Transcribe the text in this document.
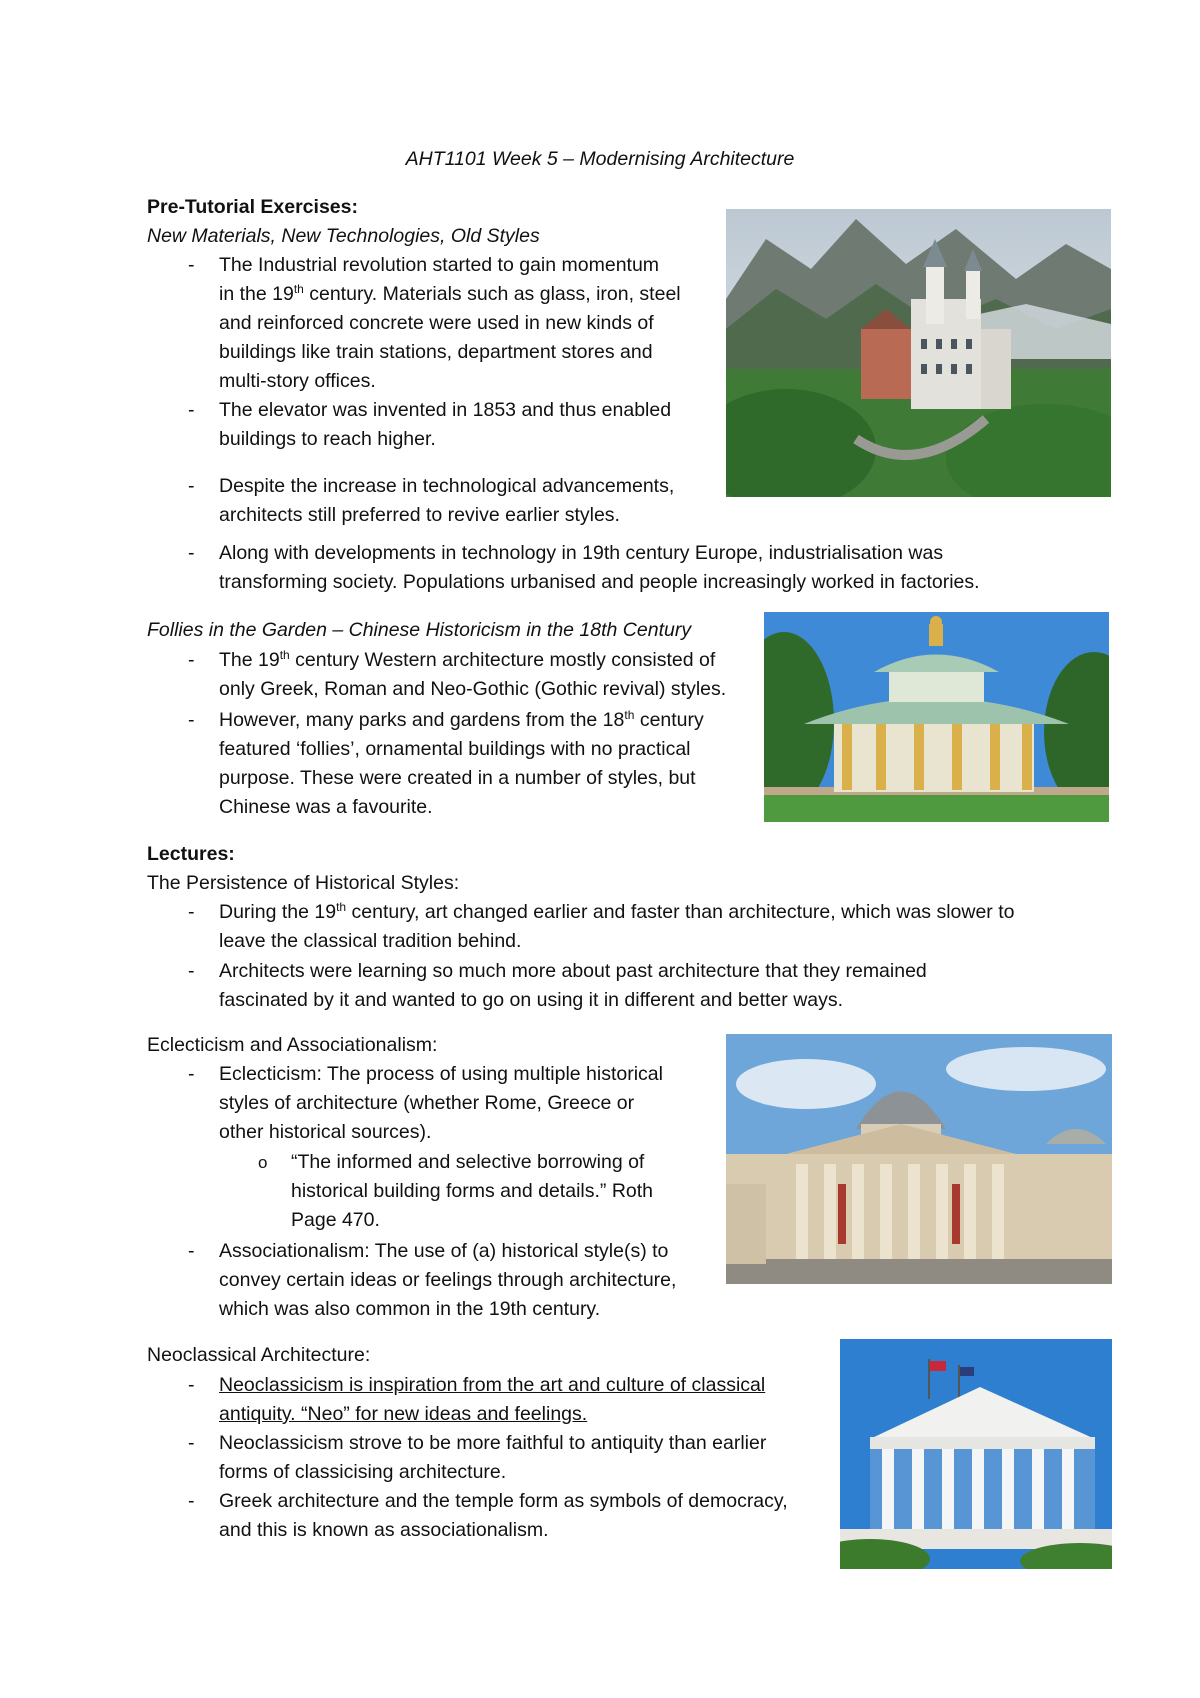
AHT1101 Week 5 – Modernising Architecture
Pre-Tutorial Exercises:
New Materials, New Technologies, Old Styles
- The Industrial revolution started to gain momentum
in the 19th century. Materials such as glass, iron, steel
and reinforced concrete were used in new kinds of
buildings like train stations, department stores and
multi-story offices.
- The elevator was invented in 1853 and thus enabled
buildings to reach higher.
- Despite the increase in technological advancements,
architects still preferred to revive earlier styles.
- Along with developments in technology in 19th century Europe, industrialisation was
transforming society. Populations urbanised and people increasingly worked in factories.
Follies in the Garden – Chinese Historicism in the 18th Century
- The 19th century Western architecture mostly consisted of
only Greek, Roman and Neo-Gothic (Gothic revival) styles.
- However, many parks and gardens from the 18th century
featured ‘follies’, ornamental buildings with no practical
purpose. These were created in a number of styles, but
Chinese was a favourite.
Lectures:
The Persistence of Historical Styles:
- During the 19th century, art changed earlier and faster than architecture, which was slower to
leave the classical tradition behind.
- Architects were learning so much more about past architecture that they remained
fascinated by it and wanted to go on using it in different and better ways.
Eclecticism and Associationalism:
- Eclecticism: The process of using multiple historical
styles of architecture (whether Rome, Greece or
other historical sources).
o “The informed and selective borrowing of
historical building forms and details.” Roth
Page 470.
- Associationalism: The use of (a) historical style(s) to
convey certain ideas or feelings through architecture,
which was also common in the 19th century.
Neoclassical Architecture:
- Neoclassicism is inspiration from the art and culture of classical
antiquity. “Neo” for new ideas and feelings.
- Neoclassicism strove to be more faithful to antiquity than earlier
forms of classicising architecture.
- Greek architecture and the temple form as symbols of democracy,
and this is known as associationalism.
